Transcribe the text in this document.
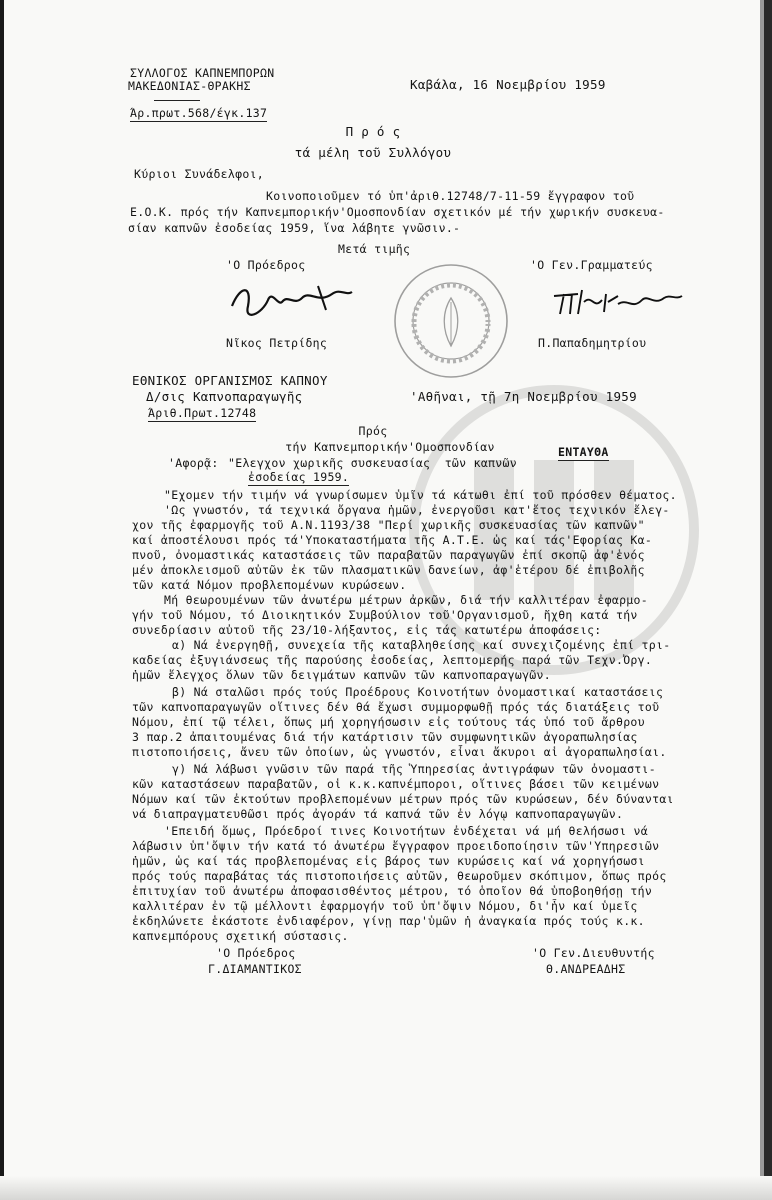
ΣΥΛΛΟΓΟΣ ΚΑΠΝΕΜΠΟΡΩΝ
ΜΑΚΕΔΟΝΙΑΣ-ΘΡΑΚΗΣ
Άρ.πρωτ.568/έγκ.137
Καβάλα, 16 Νοεμβρίου 1959
Π ρ ό ς
τά μέλη τοῦ Συλλόγου
Κύριοι Συνάδελφοι,
Κοινοποιοῦμεν τό ὑπ'ἀριθ.12748/7-11-59 ἔγγραφον τοῦ
Ε.Ο.Κ. πρός τήν Καπνεμπορικήν'Ομοσπονδίαν σχετικόν μέ τήν χωρικήν συσκευα-
σίαν καπνῶν ἐσοδείας 1959, ἵνα λάβητε γνῶσιν.-
Μετά τιμῆς
'Ο Πρόεδρος	'Ο Γεν.Γραμματεύς
Νῖκος Πετρίδης	Π.Παπαδημητρίου
ΕΘΝΙΚΟΣ ΟΡΓΑΝΙΣΜΟΣ ΚΑΠΝΟΥ
Δ/σις Καπνοπαραγωγῆς
Άριθ.Πρωτ.12748
'Αθῆναι, τῇ 7η Νοεμβρίου 1959
Πρός
τήν Καπνεμπορικήν'Ομοσπονδίαν
'Αφορᾷ: "Ελεγχον χωρικῆς συσκευασίας  τῶν καπνῶν
ἐσοδείας 1959.
ΕΝΤΑΥΘΑ
"Εχομεν τήν τιμήν νά γνωρίσωμεν ὑμῖν τά κάτωθι ἐπί τοῦ πρόσθεν θέματος.
'Ως γνωστόν, τά τεχνικά ὄργανα ἡμῶν, ἐνεργοῦσι κατ'ἔτος τεχνικόν ἔλεγ-
χον τῆς ἐφαρμογῆς τοῦ Α.Ν.1193/38 "Περί χωρικῆς συσκευασίας τῶν καπνῶν"
καί ἀποστέλουσι πρός τά'Υποκαταστήματα τῆς Α.Τ.Ε. ὡς καί τάς'Εφορίας Κα-
πνοῦ, ὀνομαστικάς καταστάσεις τῶν παραβατῶν παραγωγῶν ἐπί σκοπῷ ἀφ'ἑνός
μέν ἀποκλεισμοῦ αὐτῶν ἐκ τῶν πλασματικῶν δανείων, ἀφ'ἑτέρου δέ ἐπιβολῆς
τῶν κατά Νόμον προβλεπομένων κυρώσεων.
Μή θεωρουμένων τῶν ἀνωτέρω μέτρων ἀρκῶν, διά τήν καλλιτέραν ἐφαρμο-
γήν τοῦ Νόμου, τό Διοικητικόν Συμβούλιον τοῦ'Οργανισμοῦ, ἤχθη κατά τήν
συνεδρίασιν αὐτοῦ τῆς 23/10-λήξαντος, εἰς τάς κατωτέρω ἀποφάσεις:
α) Νά ἐνεργηθῇ, συνεχεία τῆς καταβληθείσης καί συνεχιζομένης ἐπί τρι-
καδείας ἐξυγιάνσεως τῆς παρούσης ἐσοδείας, λεπτομερής παρά τῶν Τεχν.Ὀργ.
ἡμῶν ἔλεγχος ὅλων τῶν δειγμάτων καπνῶν τῶν καπνοπαραγωγῶν.
β) Νά σταλῶσι πρός τούς Προέδρους Κοινοτήτων ὀνομαστικαί καταστάσεις
τῶν καπνοπαραγωγῶν οἵτινες δέν θά ἔχωσι συμμορφωθῇ πρός τάς διατάξεις τοῦ
Νόμου, ἐπί τῷ τέλει, ὅπως μή χορηγήσωσιν εἰς τούτους τάς ὑπό τοῦ ἄρθρου
3 παρ.2 ἀπαιτουμένας διά τήν κατάρτισιν τῶν συμφωνητικῶν ἀγοραπωλησίας
πιστοποιήσεις, ἄνευ τῶν ὁποίων, ὡς γνωστόν, εἶναι ἄκυροι αἱ ἀγοραπωλησίαι.
γ) Νά λάβωσι γνῶσιν τῶν παρά τῆς Ὑπηρεσίας ἀντιγράφων τῶν ὀνομαστι-
κῶν καταστάσεων παραβατῶν, οἱ κ.κ.καπνέμποροι, οἵτινες βάσει τῶν κειμένων
Νόμων καί τῶν ἐκτούτων προβλεπομένων μέτρων πρός τῶν κυρώσεων, δέν δύνανται
νά διαπραγματευθῶσι πρός ἀγοράν τά καπνά τῶν ἐν λόγῳ καπνοπαραγωγῶν.
'Επειδή ὅμως, Πρόεδροί τινες Κοινοτήτων ἐνδέχεται νά μή θελήσωσι νά
λάβωσιν ὑπ'ὄψιν τήν κατά τό ἀνωτέρω ἔγγραφον προειδοποίησιν τῶν'Υπηρεσιῶν
ἡμῶν, ὡς καί τάς προβλεπομένας εἰς βάρος των κυρώσεις καί νά χορηγήσωσι
πρός τούς παραβάτας τάς πιστοποιήσεις αὐτῶν, θεωροῦμεν σκόπιμον, ὅπως πρός
ἐπιτυχίαν τοῦ ἀνωτέρω ἀποφασισθέντος μέτρου, τό ὁποῖον θά ὑποβοηθήσῃ τήν
καλλιτέραν ἐν τῷ μέλλοντι ἐφαρμογήν τοῦ ὑπ'ὄψιν Νόμου, δι'ἧν καί ὑμεῖς
ἐκδηλώνετε ἑκάστοτε ἐνδιαφέρον, γίνῃ παρ'ὑμῶν ἡ ἀναγκαία πρός τούς κ.κ.
καπνεμπόρους σχετική σύστασις.
'Ο Πρόεδρος
Γ.ΔΙΑΜΑΝΤΙΚΟΣ
'Ο Γεν.Διευθυντής
Θ.ΑΝΔΡΕΑΔΗΣ
